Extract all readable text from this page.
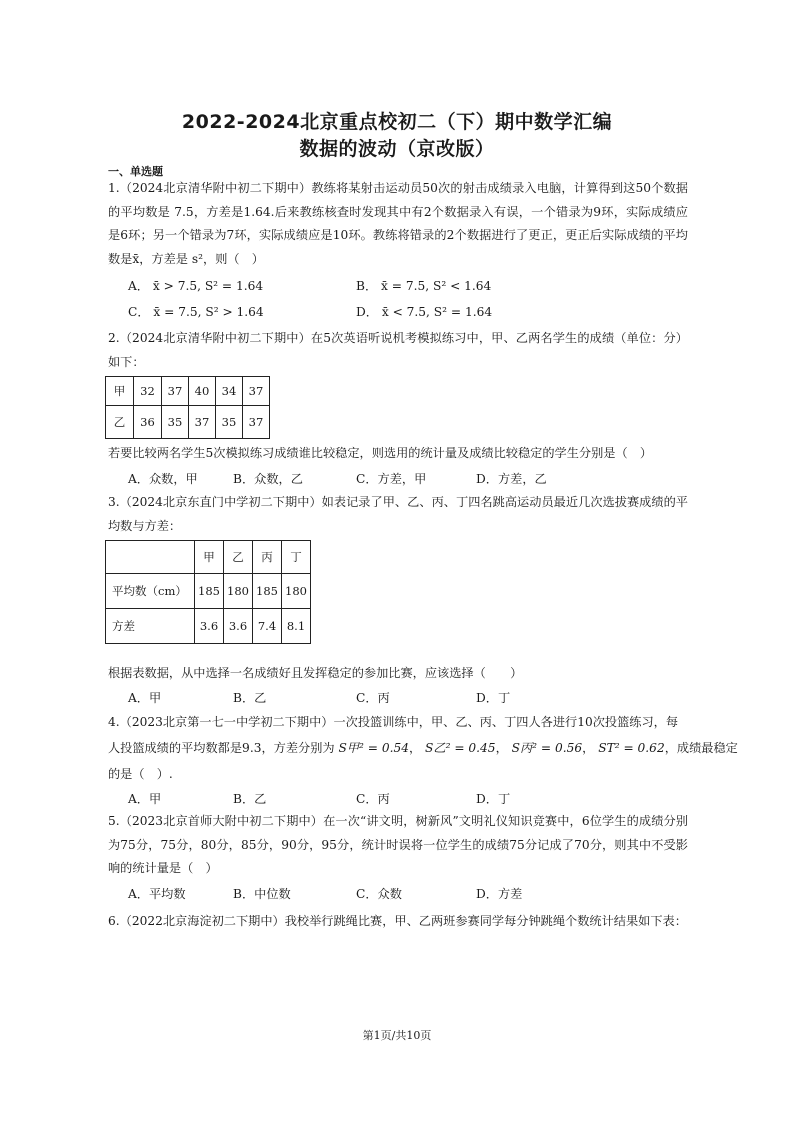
2022-2024北京重点校初二（下）期中数学汇编
数据的波动（京改版）
一、单选题
1.（2024北京清华附中初二下期中）教练将某射击运动员50次的射击成绩录入电脑，计算得到这50个数据的平均数是 7.5，方差是1.64.后来教练核查时发现其中有2个数据录入有误，一个错录为9环，实际成绩应是6环；另一个错录为7环，实际成绩应是10环。教练将错录的2个数据进行了更正，更正后实际成绩的平均数是x̄，方差是 s²，则（　）
A． x̄ > 7.5, S² = 1.64	B． x̄ = 7.5, S² < 1.64
C． x̄ = 7.5, S² > 1.64	D． x̄ < 7.5, S² = 1.64
2.（2024北京清华附中初二下期中）在5次英语听说机考模拟练习中，甲、乙两名学生的成绩（单位：分）如下：
甲	32	37	40	34	37
乙	36	35	37	35	37
若要比较两名学生5次模拟练习成绩谁比较稳定，则选用的统计量及成绩比较稳定的学生分别是（　）
A．众数，甲	B．众数，乙	C．方差，甲	D．方差，乙
3.（2024北京东直门中学初二下期中）如表记录了甲、乙、丙、丁四名跳高运动员最近几次选拔赛成绩的平均数与方差：
	甲	乙	丙	丁
平均数（cm）	185	180	185	180
方差	3.6	3.6	7.4	8.1
根据表数据，从中选择一名成绩好且发挥稳定的参加比赛，应该选择（　　）
A．甲	B．乙	C．丙	D．丁
4.（2023北京第一七一中学初二下期中）一次投篮训练中，甲、乙、丙、丁四人各进行10次投篮练习，每
人投篮成绩的平均数都是9.3，方差分别为 S甲² = 0.54， S乙² = 0.45， S丙² = 0.56， ST² = 0.62，成绩最稳定
的是（　）.
A．甲	B．乙	C．丙	D．丁
5.（2023北京首师大附中初二下期中）在一次“讲文明，树新风”文明礼仪知识竞赛中，6位学生的成绩分别为75分，75分，80分，85分，90分，95分，统计时误将一位学生的成绩75分记成了70分，则其中不受影响的统计量是（　）
A．平均数	B．中位数	C．众数	D．方差
6.（2022北京海淀初二下期中）我校举行跳绳比赛，甲、乙两班参赛同学每分钟跳绳个数统计结果如下表：
第1页/共10页
